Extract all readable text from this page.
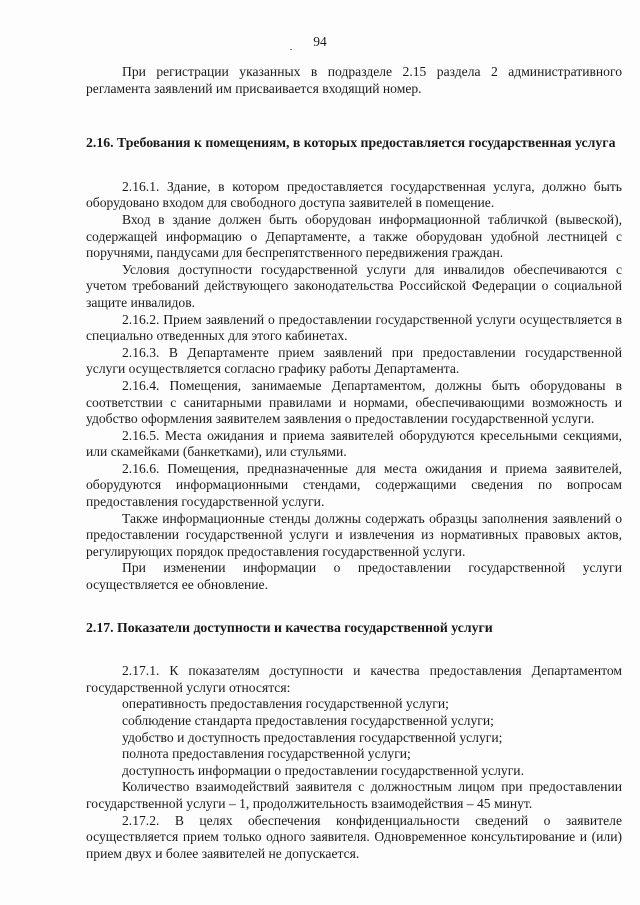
94

При регистрации указанных в подразделе 2.15 раздела 2 административного регламента заявлений им присваивается входящий номер.

2.16. Требования к помещениям, в которых предоставляется государственная услуга

2.16.1. Здание, в котором предоставляется государственная услуга, должно быть оборудовано входом для свободного доступа заявителей в помещение.

Вход в здание должен быть оборудован информационной табличкой (вывеской), содержащей информацию о Департаменте, а также оборудован удобной лестницей с поручнями, пандусами для беспрепятственного передвижения граждан.

Условия доступности государственной услуги для инвалидов обеспечиваются с учетом требований действующего законодательства Российской Федерации о социальной защите инвалидов.

2.16.2. Прием заявлений о предоставлении государственной услуги осуществляется в специально отведенных для этого кабинетах.

2.16.3. В Департаменте прием заявлений при предоставлении государственной услуги осуществляется согласно графику работы Департамента.

2.16.4. Помещения, занимаемые Департаментом, должны быть оборудованы в соответствии с санитарными правилами и нормами, обеспечивающими возможность и удобство оформления заявителем заявления о предоставлении государственной услуги.

2.16.5. Места ожидания и приема заявителей оборудуются кресельными секциями, или скамейками (банкетками), или стульями.

2.16.6. Помещения, предназначенные для места ожидания и приема заявителей, оборудуются информационными стендами, содержащими сведения по вопросам предоставления государственной услуги.

Также информационные стенды должны содержать образцы заполнения заявлений о предоставлении государственной услуги и извлечения из нормативных правовых актов, регулирующих порядок предоставления государственной услуги.

При изменении информации о предоставлении государственной услуги осуществляется ее обновление.

2.17. Показатели доступности и качества государственной услуги

2.17.1. К показателям доступности и качества предоставления Департаментом государственной услуги относятся:

оперативность предоставления государственной услуги;

соблюдение стандарта предоставления государственной услуги;

удобство и доступность предоставления государственной услуги;

полнота предоставления государственной услуги;

доступность информации о предоставлении государственной услуги.

Количество взаимодействий заявителя с должностным лицом при предоставлении государственной услуги – 1, продолжительность взаимодействия – 45 минут.

2.17.2. В целях обеспечения конфиденциальности сведений о заявителе осуществляется прием только одного заявителя. Одновременное консультирование и (или) прием двух и более заявителей не допускается.
